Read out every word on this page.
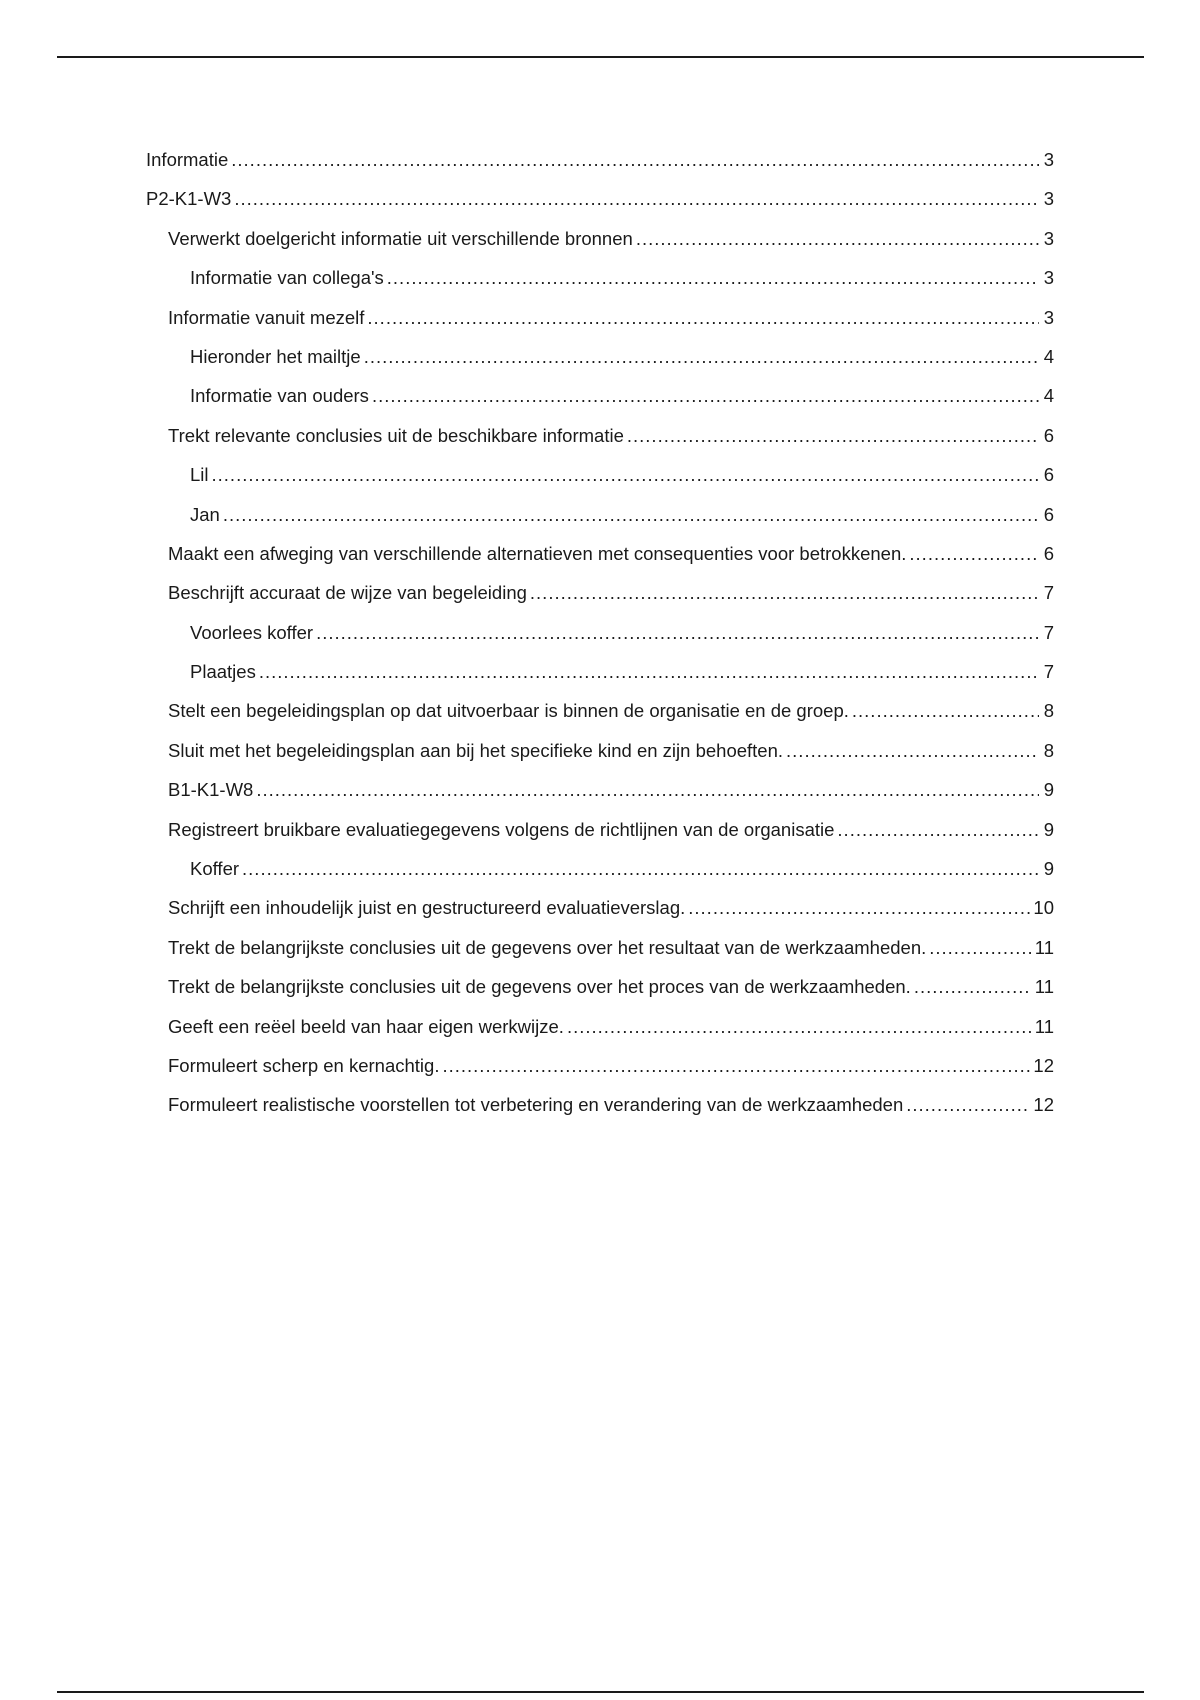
Informatie .....	3
P2-K1-W3 .....	3
Verwerkt doelgericht informatie uit verschillende bronnen .....	3
Informatie van collega's .....	3
Informatie vanuit mezelf .....	3
Hieronder het mailtje .....	4
Informatie van ouders .....	4
Trekt relevante conclusies uit de beschikbare informatie .....	6
Lil .....	6
Jan .....	6
Maakt een afweging van verschillende alternatieven met consequenties voor betrokkenen. .....	6
Beschrijft accuraat de wijze van begeleiding .....	7
Voorlees koffer .....	7
Plaatjes .....	7
Stelt een begeleidingsplan op dat uitvoerbaar is binnen de organisatie en de groep. .....	8
Sluit met het begeleidingsplan aan bij het specifieke kind en zijn behoeften. .....	8
B1-K1-W8 .....	9
Registreert bruikbare evaluatiegegevens volgens de richtlijnen van de organisatie .....	9
Koffer .....	9
Schrijft een inhoudelijk juist en gestructureerd evaluatieverslag. .....	10
Trekt de belangrijkste conclusies uit de gegevens over het resultaat van de werkzaamheden. .....	11
Trekt de belangrijkste conclusies uit de gegevens over het proces van de werkzaamheden. .....	11
Geeft een reëel beeld van haar eigen werkwijze. .....	11
Formuleert scherp en kernachtig. .....	12
Formuleert realistische voorstellen tot verbetering en verandering van de werkzaamheden .....	12
